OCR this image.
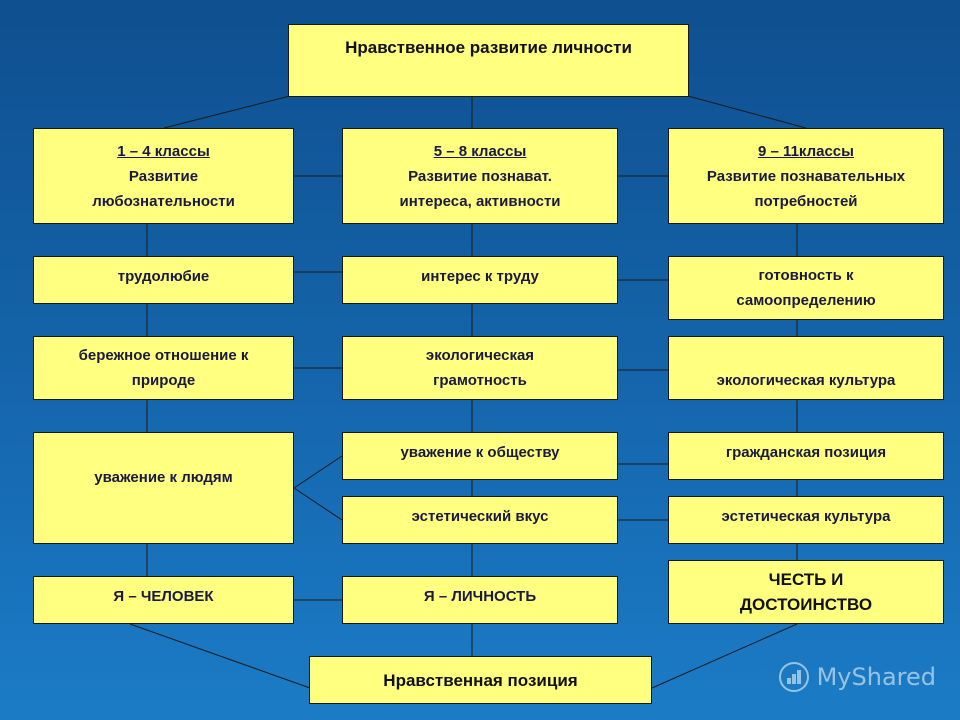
Нравственное развитие личности
1 – 4 классы
Развитие
любознательности
5 – 8 классы
Развитие познават.
интереса, активности
9 – 11классы
Развитие познавательных
потребностей
трудолюбие	интерес к труду	готовность к самоопределению
бережное отношение к природе
экологическая грамотность	экологическая культура
уважение к людям
уважение к обществу	гражданская позиция
эстетический вкус	эстетическая культура
Я – ЧЕЛОВЕК	Я – ЛИЧНОСТЬ
ЧЕСТЬ И ДОСТОИНСТВО
Нравственная позиция	MyShared
